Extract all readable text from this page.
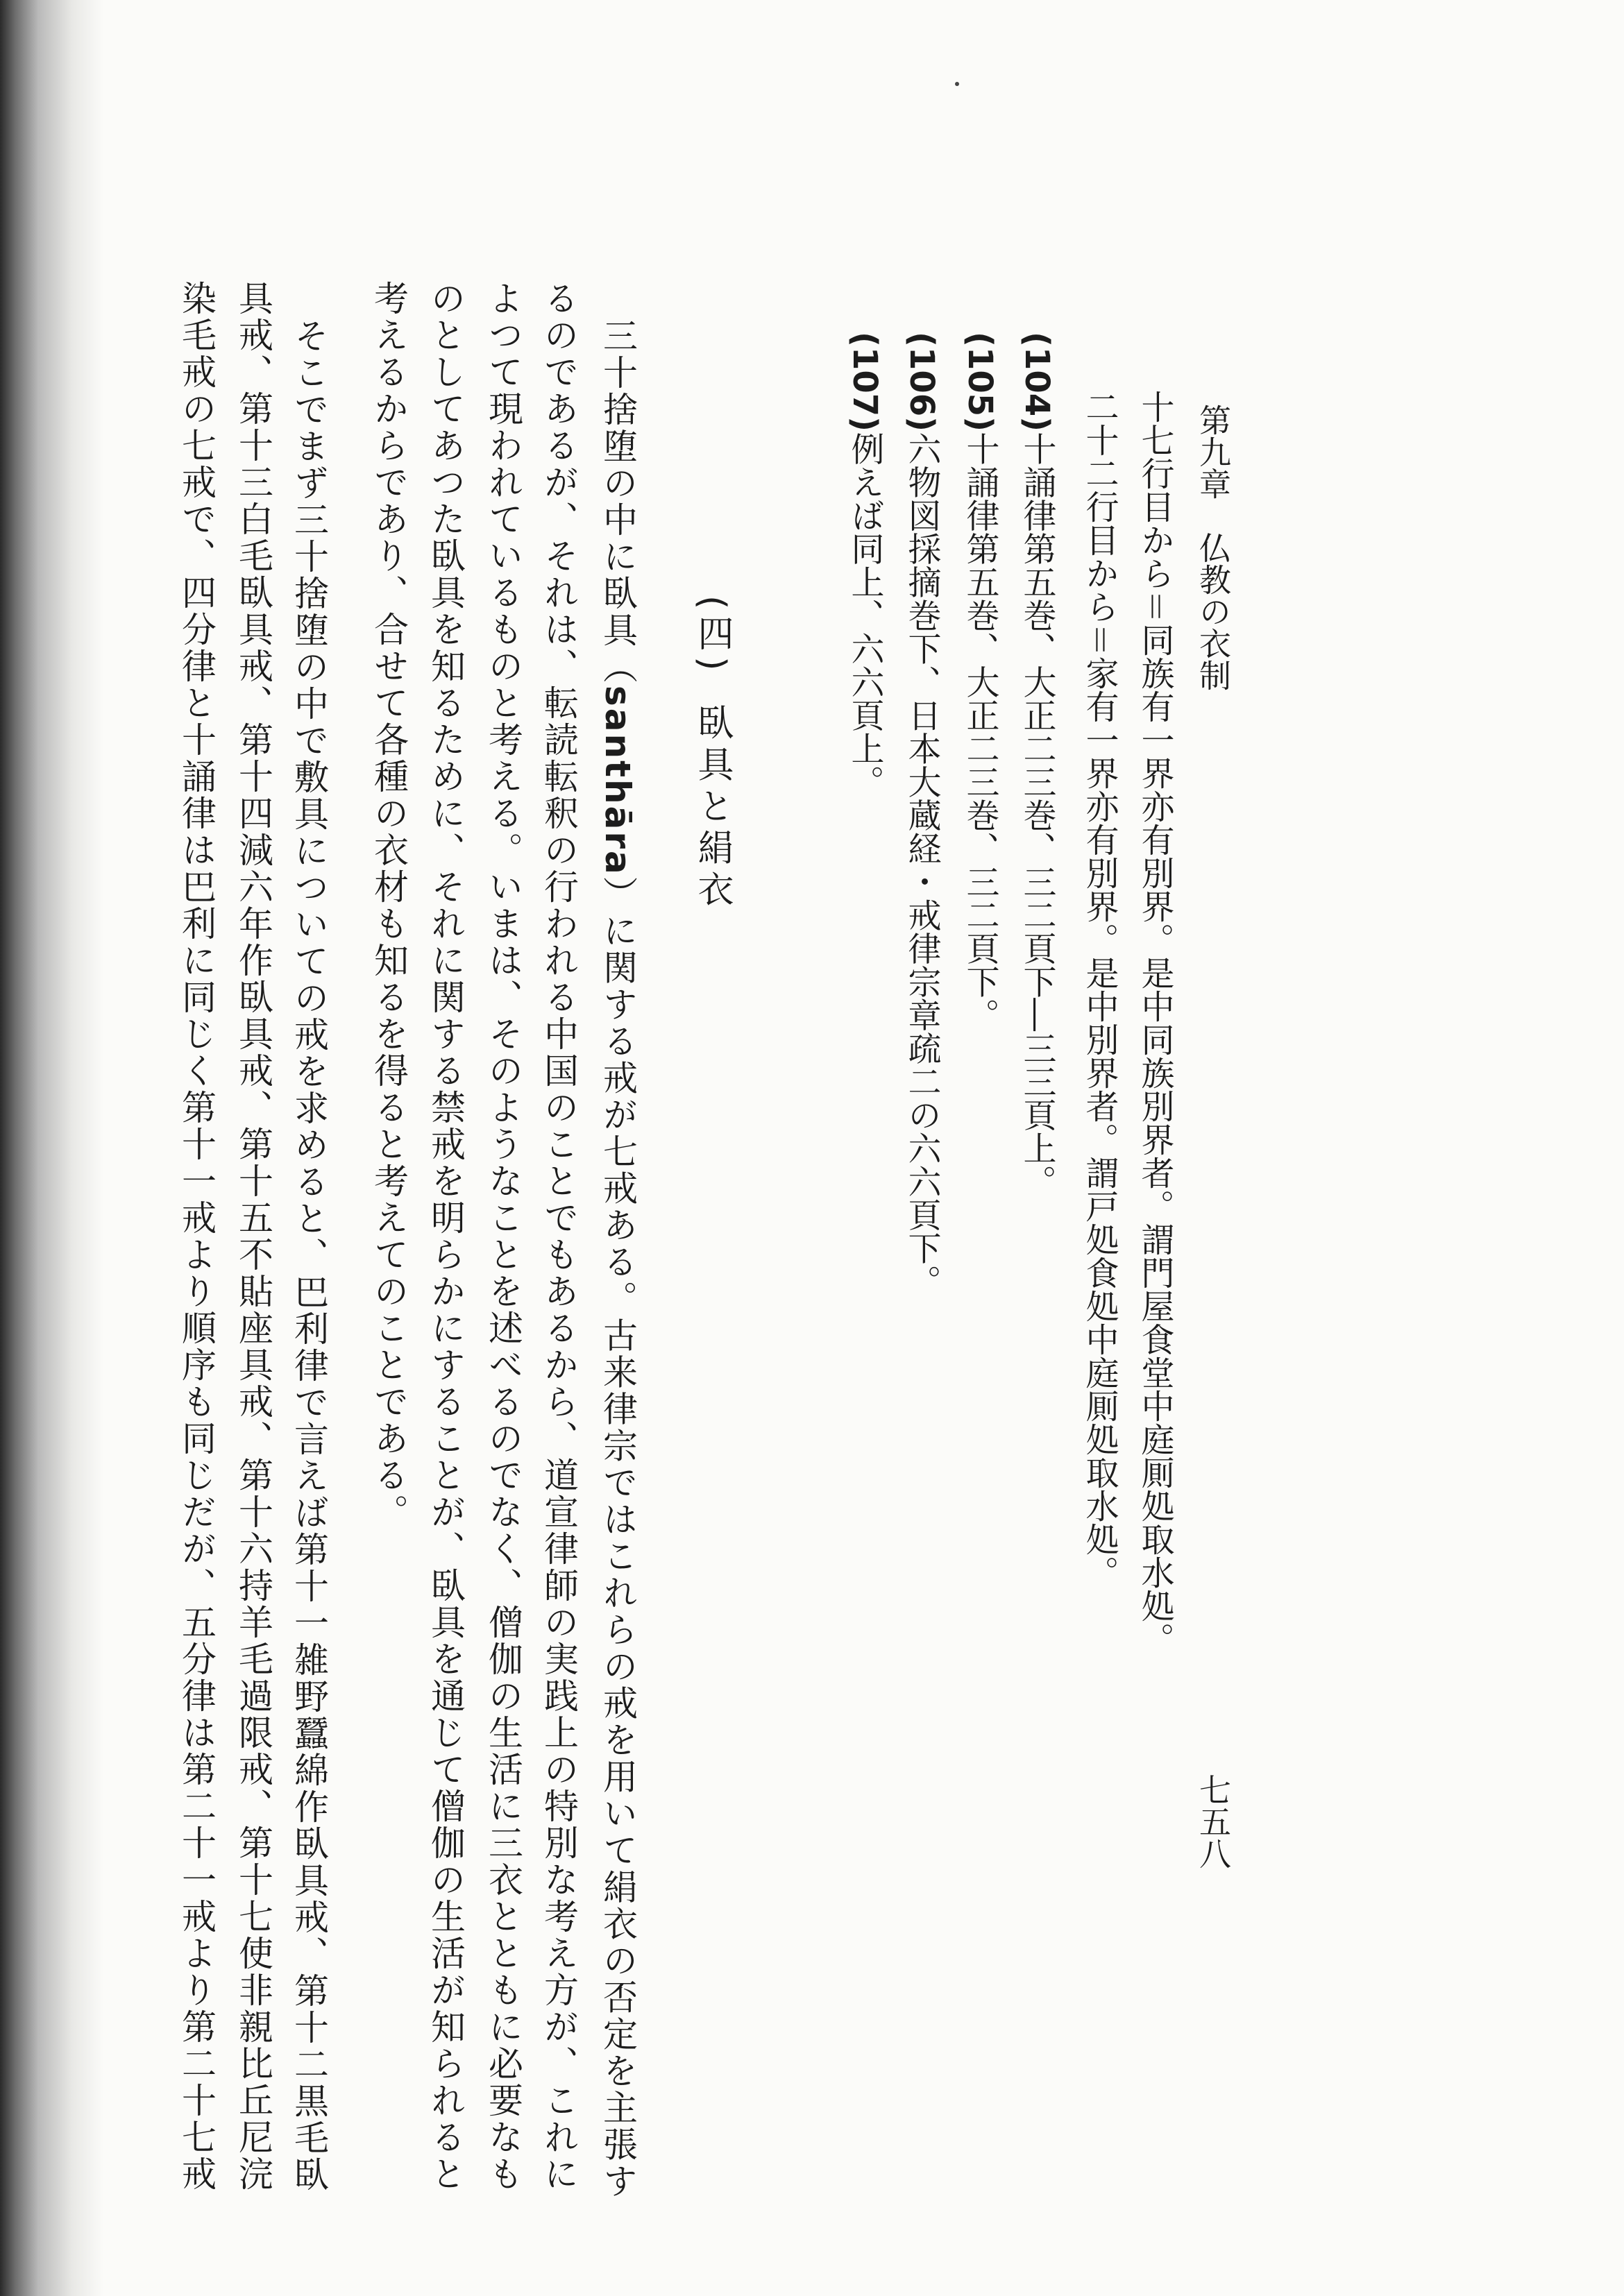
第九章　仏教の衣制
七五八
十七行目から＝同族有一界亦有別界。是中同族別界者。謂門屋食堂中庭厠処取水処。
二十二行目から＝家有一界亦有別界。是中別界者。謂戸処食処中庭厠処取水処。
(104)十誦律第五巻、大正二三巻、三二頁下―三三頁上。
(105)十誦律第五巻、大正二三巻、三二頁下。
(106)六物図採摘巻下、日本大蔵経・戒律宗章疏二の六六頁下。
(107)例えば同上、六六頁上。
(四)臥具と絹衣
三十捨堕の中に臥具（santhāra）に関する戒が七戒ある。古来律宗ではこれらの戒を用いて絹衣の否定を主張す
るのであるが、それは、転読転釈の行われる中国のことでもあるから、道宣律師の実践上の特別な考え方が、これに
よつて現われているものと考える。いまは、そのようなことを述べるのでなく、僧伽の生活に三衣とともに必要なも
のとしてあつた臥具を知るために、それに関する禁戒を明らかにすることが、臥具を通じて僧伽の生活が知られると
考えるからであり、合せて各種の衣材も知るを得ると考えてのことである。
そこでまず三十捨堕の中で敷具についての戒を求めると、巴利律で言えば第十一雑野蠶綿作臥具戒、第十二黒毛臥
具戒、第十三白毛臥具戒、第十四減六年作臥具戒、第十五不貼座具戒、第十六持羊毛過限戒、第十七使非親比丘尼浣
染毛戒の七戒で、四分律と十誦律は巴利に同じく第十一戒より順序も同じだが、五分律は第二十一戒より第二十七戒
